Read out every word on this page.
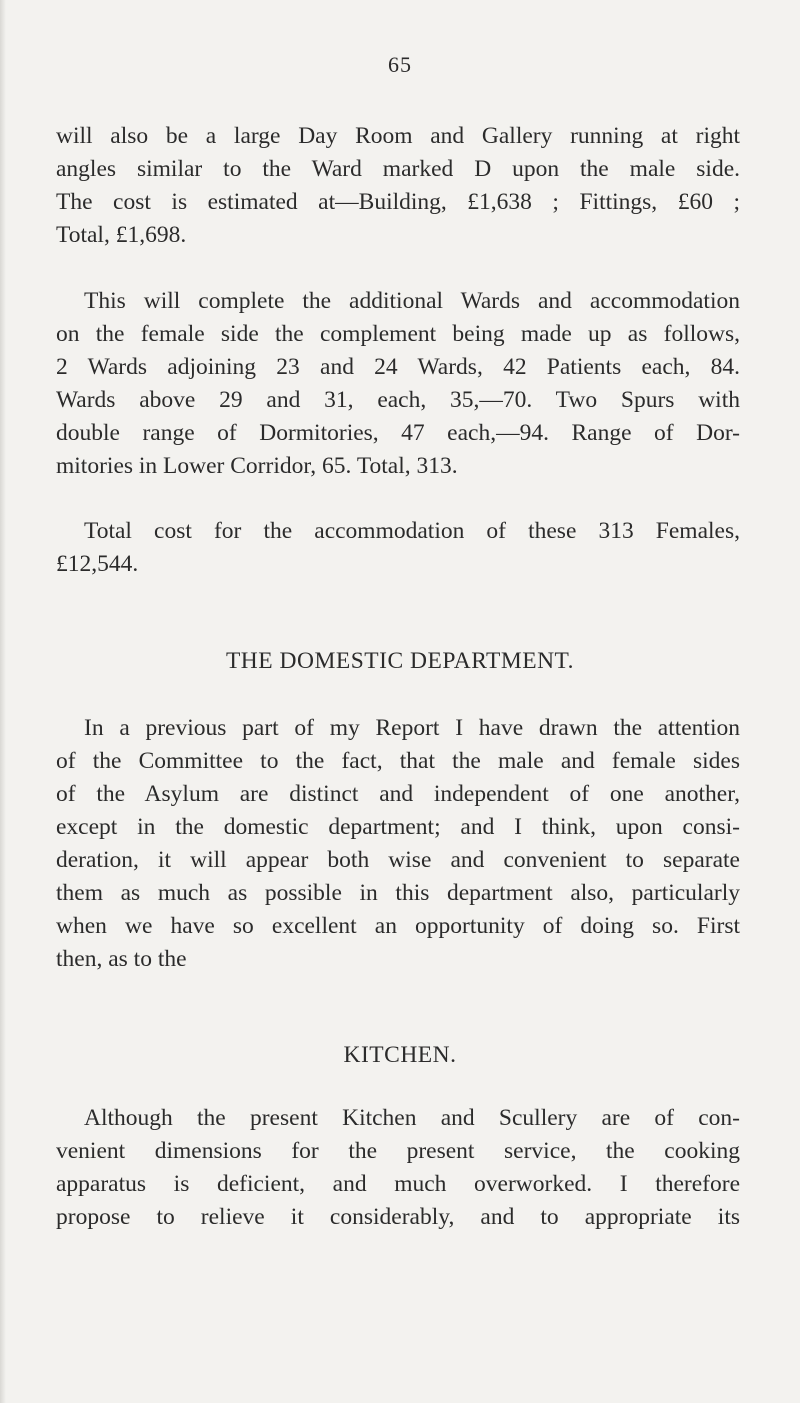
65
will also be a large Day Room and Gallery running at right
angles similar to the Ward marked D upon the male side.
The cost is estimated at—Building, £1,638 ; Fittings, £60 ;
Total, £1,698.
This will complete the additional Wards and accommodation
on the female side the complement being made up as follows,
2 Wards adjoining 23 and 24 Wards, 42 Patients each, 84.
Wards above 29 and 31, each, 35,—70. Two Spurs with
double range of Dormitories, 47 each,—94. Range of Dor-
mitories in Lower Corridor, 65. Total, 313.
Total cost for the accommodation of these 313 Females,
£12,544.
THE DOMESTIC DEPARTMENT.
In a previous part of my Report I have drawn the attention
of the Committee to the fact, that the male and female sides
of the Asylum are distinct and independent of one another,
except in the domestic department; and I think, upon consi-
deration, it will appear both wise and convenient to separate
them as much as possible in this department also, particularly
when we have so excellent an opportunity of doing so. First
then, as to the
KITCHEN.
Although the present Kitchen and Scullery are of con-
venient dimensions for the present service, the cooking
apparatus is deficient, and much overworked. I therefore
propose to relieve it considerably, and to appropriate its
